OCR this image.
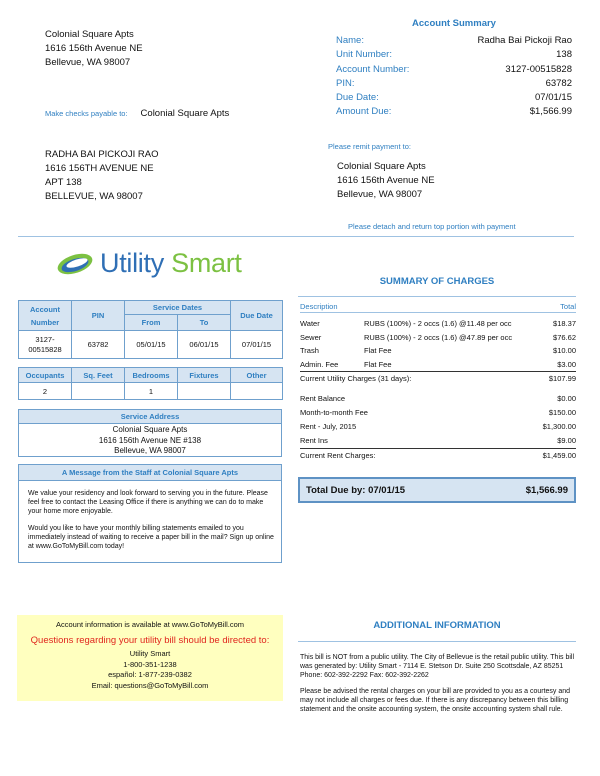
Colonial Square Apts
1616 156th Avenue NE
Bellevue, WA 98007
Account Summary
Name:	Radha Bai Pickoji Rao
Unit Number:	138
Account Number:	3127-00515828
PIN:	63782
Due Date:	07/01/15
Amount Due:	$1,566.99
Make checks payable to: Colonial Square Apts
Please remit payment to:
Colonial Square Apts
1616 156th Avenue NE
Bellevue, WA 98007
RADHA BAI PICKOJI RAO
1616 156TH AVENUE NE
APT 138
BELLEVUE, WA 98007
Please detach and return top portion with payment
Utility Smart
Account Number	PIN	Service Dates		Due Date
		From	To	
3127-00515828	63782	05/01/15	06/01/15	07/01/15
Occupants	Sq. Feet	Bedrooms	Fixtures	Other
2		1		
Service Address
Colonial Square Apts
1616 156th Avenue NE #138
Bellevue, WA 98007
A Message from the Staff at Colonial Square Apts
We value your residency and look forward to serving you in the future. Please feel free to contact the Leasing Office if there is anything we can do to make your home more enjoyable.
Would you like to have your monthly billing statements emailed to you immediately instead of waiting to receive a paper bill in the mail? Sign up online at www.GoToMyBill.com today!
SUMMARY OF CHARGES
Description	Total
Water	RUBS (100%) - 2 occs (1.6) @11.48 per occ	$18.37
Sewer	RUBS (100%) - 2 occs (1.6) @47.89 per occ	$76.62
Trash	Flat Fee	$10.00
Admin. Fee	Flat Fee	$3.00
Current Utility Charges (31 days):	$107.99
Rent Balance	$0.00
Month-to-month Fee	$150.00
Rent - July, 2015	$1,300.00
Rent Ins	$9.00
Current Rent Charges:	$1,459.00
Total Due by: 07/01/15	$1,566.99
Account information is available at www.GoToMyBill.com
Questions regarding your utility bill should be directed to:
Utility Smart
1-800-351-1238
español: 1-877-239-0382
Email: questions@GoToMyBill.com
ADDITIONAL INFORMATION
This bill is NOT from a public utility. The City of Bellevue is the retail public utility. This bill was generated by: Utility Smart - 7114 E. Stetson Dr. Suite 250 Scottsdale, AZ 85251 Phone: 602-392-2292 Fax: 602-392-2262
Please be advised the rental charges on your bill are provided to you as a courtesy and may not include all charges or fees due. If there is any discrepancy between this billing statement and the onsite accounting system, the onsite accounting system shall rule.
